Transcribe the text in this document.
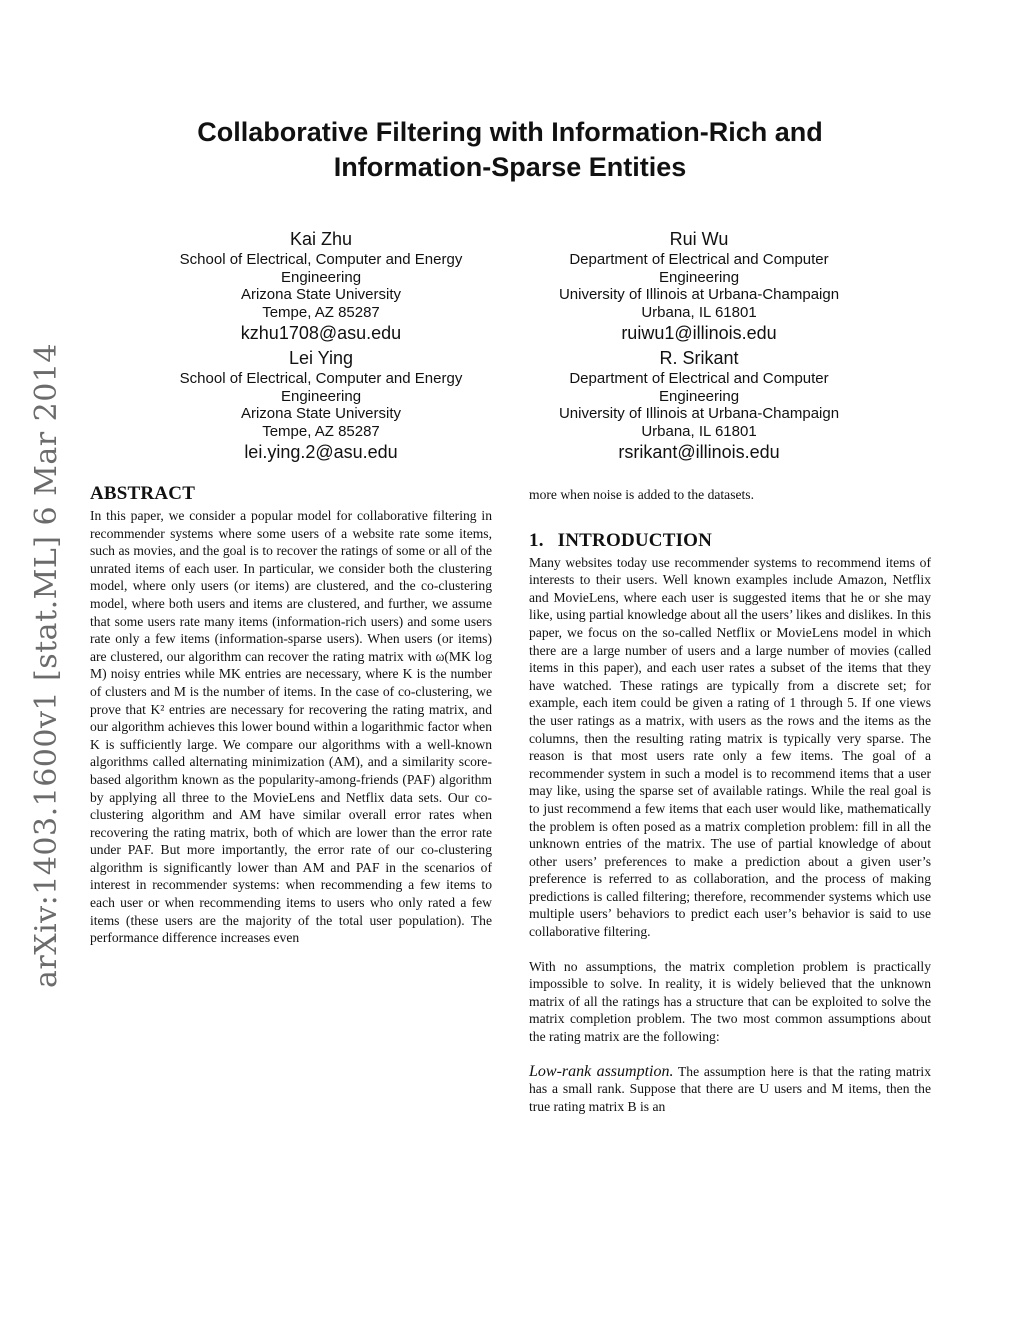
arXiv:1403.1600v1 [stat.ML] 6 Mar 2014
Collaborative Filtering with Information-Rich and
Information-Sparse Entities
Kai Zhu
School of Electrical, Computer and Energy
Engineering
Arizona State University
Tempe, AZ 85287
kzhu1708@asu.edu
Rui Wu
Department of Electrical and Computer
Engineering
University of Illinois at Urbana-Champaign
Urbana, IL 61801
ruiwu1@illinois.edu
Lei Ying
School of Electrical, Computer and Energy
Engineering
Arizona State University
Tempe, AZ 85287
lei.ying.2@asu.edu
R. Srikant
Department of Electrical and Computer
Engineering
University of Illinois at Urbana-Champaign
Urbana, IL 61801
rsrikant@illinois.edu
ABSTRACT

In this paper, we consider a popular model for collaborative filtering in recommender systems where some users of a website rate some items, such as movies, and the goal is to recover the ratings of some or all of the unrated items of each user. In particular, we consider both the clustering model, where only users (or items) are clustered, and the co-clustering model, where both users and items are clustered, and further, we assume that some users rate many items (information-rich users) and some users rate only a few items (information-sparse users). When users (or items) are clustered, our algorithm can recover the rating matrix with ω(MK log M) noisy entries while MK entries are necessary, where K is the number of clusters and M is the number of items. In the case of co-clustering, we prove that K² entries are necessary for recovering the rating matrix, and our algorithm achieves this lower bound within a logarithmic factor when K is sufficiently large. We compare our algorithms with a well-known algorithms called alternating minimization (AM), and a similarity score-based algorithm known as the popularity-among-friends (PAF) algorithm by applying all three to the MovieLens and Netflix data sets. Our co-clustering algorithm and AM have similar overall error rates when recovering the rating matrix, both of which are lower than the error rate under PAF. But more importantly, the error rate of our co-clustering algorithm is significantly lower than AM and PAF in the scenarios of interest in recommender systems: when recommending a few items to each user or when recommending items to users who only rated a few items (these users are the majority of the total user population). The performance difference increases even

more when noise is added to the datasets.

1. INTRODUCTION

Many websites today use recommender systems to recommend items of interests to their users. Well known examples include Amazon, Netflix and MovieLens, where each user is suggested items that he or she may like, using partial knowledge about all the users’ likes and dislikes. In this paper, we focus on the so-called Netflix or MovieLens model in which there are a large number of users and a large number of movies (called items in this paper), and each user rates a subset of the items that they have watched. These ratings are typically from a discrete set; for example, each item could be given a rating of 1 through 5. If one views the user ratings as a matrix, with users as the rows and the items as the columns, then the resulting rating matrix is typically very sparse. The reason is that most users rate only a few items. The goal of a recommender system in such a model is to recommend items that a user may like, using the sparse set of available ratings. While the real goal is to just recommend a few items that each user would like, mathematically the problem is often posed as a matrix completion problem: fill in all the unknown entries of the matrix. The use of partial knowledge of about other users’ preferences to make a prediction about a given user’s preference is referred to as collaboration, and the process of making predictions is called filtering; therefore, recommender systems which use multiple users’ behaviors to predict each user’s behavior is said to use collaborative filtering.

With no assumptions, the matrix completion problem is practically impossible to solve. In reality, it is widely believed that the unknown matrix of all the ratings has a structure that can be exploited to solve the matrix completion problem. The two most common assumptions about the rating matrix are the following:

Low-rank assumption. The assumption here is that the rating matrix has a small rank. Suppose that there are U users and M items, then the true rating matrix B is an
